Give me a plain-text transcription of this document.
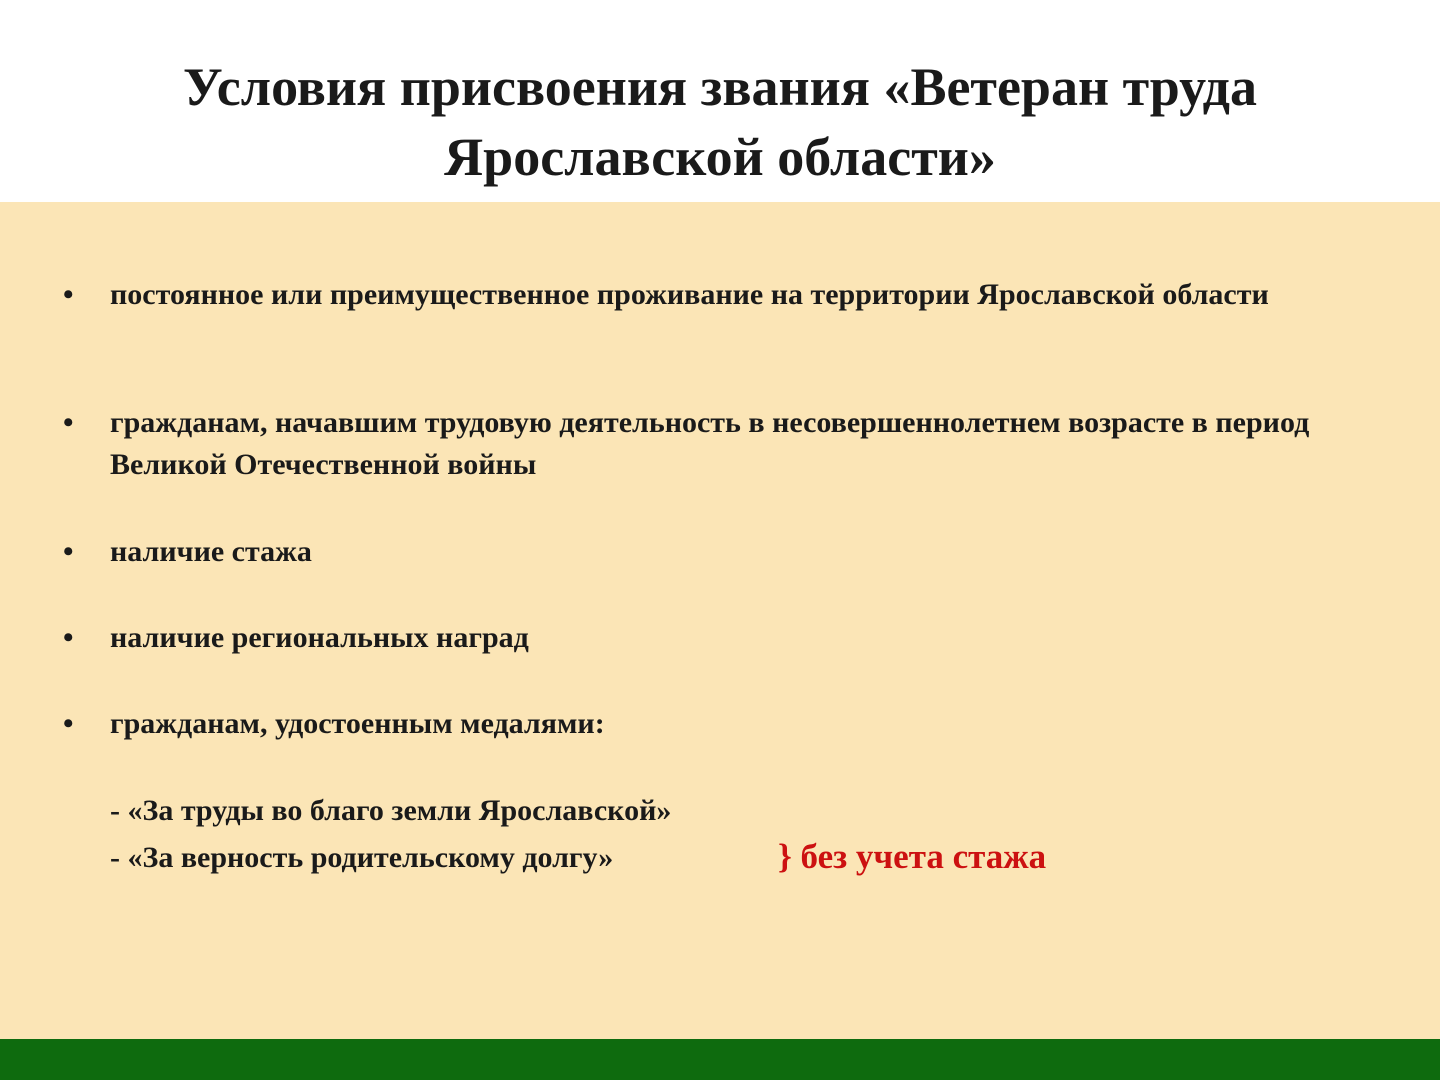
Условия присвоения звания «Ветеран труда
Ярославской области»
• постоянное или преимущественное проживание на территории Ярославской области
• гражданам, начавшим трудовую деятельность в несовершеннолетнем возрасте в период Великой Отечественной войны
• наличие стажа
• наличие региональных наград
• гражданам, удостоенным медалями:
- «За труды во благо земли Ярославской»
- «За верность родительскому долгу»	} без учета стажа
